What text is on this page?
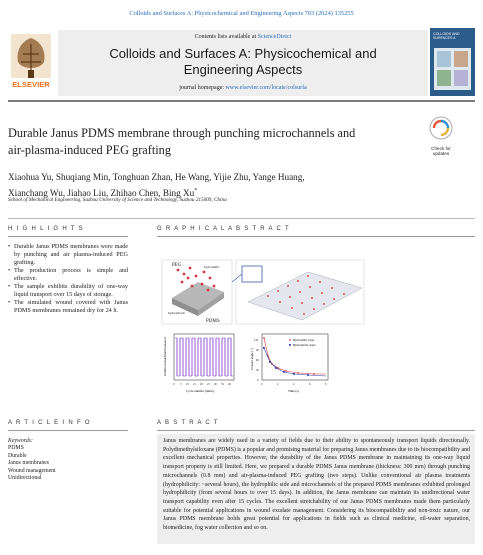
Colloids and Surfaces A: Physicochemical and Engineering Aspects 703 (2024) 135255
ELSEVIER
Contents lists available at ScienceDirect
Colloids and Surfaces A: Physicochemical and
Engineering Aspects
journal homepage: www.elsevier.com/locate/colsurfa
COLLOIDS AND SURFACES A
Durable Janus PDMS membrane through punching microchannels and
air-plasma-induced PEG grafting	Check for updates
Xiaohua Yu, Shuqiang Min, Tonghuan Zhan, He Wang, Yijie Zhu, Yange Huang,
Xianchang Wu, Jiahao Liu, Zhihao Chen, Bing Xu*
School of Mechanical Engineering, Suzhou University of Science and Technology, Suzhou 215009, China
H I G H L I G H T S	G R A P H I C A L A B S T R A C T
• Durable Janus PDMS membranes were made by punching and air plasma-induced PEG grafting.
• The production process is simple and effective.
• The sample exhibits durability of one-way liquid transport over 15 days of storage.
• The simulated wound covered with Janus PDMS membranes remained dry for 24 h.
PEG	hydrophilic
hydrophobic
PDMS
Unidirectional liquid transport
0 5 10 15 20 25 30 35 40
Cycle number (times)
Hydrophilic layer
Hydrophobic layer
Contact angle (°)
0
30
60
90
120
0	2	4	6	8
Time (s)
A R T I C L E I N F O	A B S T R A C T
Keywords:
PDMS
Durable
Janus membranes
Wound management
Unidirectional
Janus membranes are widely used in a variety of fields due to their ability to spontaneously transport liquids directionally. Polydimethylsiloxane (PDMS) is a popular and promising material for preparing Janus membranes due to its biocompatibility and excellent mechanical properties. However, the durability of the Janus PDMS membrane in maintaining its one-way liquid transport property is still limited. Here, we prepared a durable PDMS Janus membrane (thickness: 300 mm) through punching microchannels (0.8 mm) and air-plasma-induced PEG grafting (two steps). Unlike conventional air plasma treatments (hydrophilicity: ~several hours), the hydrophilic side and microchannels of the prepared PDMS membranes exhibited prolonged hydrophilicity (from several hours to over 15 days). In addition, the Janus membrane can maintain its unidirectional water transport capability even after 15 cycles. The excellent stretchability of our Janus PDMS membranes made them particularly suitable for potential applications in wound exudate management. Considering its biocompatibility and non-toxic nature, our Janus PDMS membrane holds great potential for applications in fields such as clinical medicine, oil-water separation, biomedicine, fog water collection and so on.
